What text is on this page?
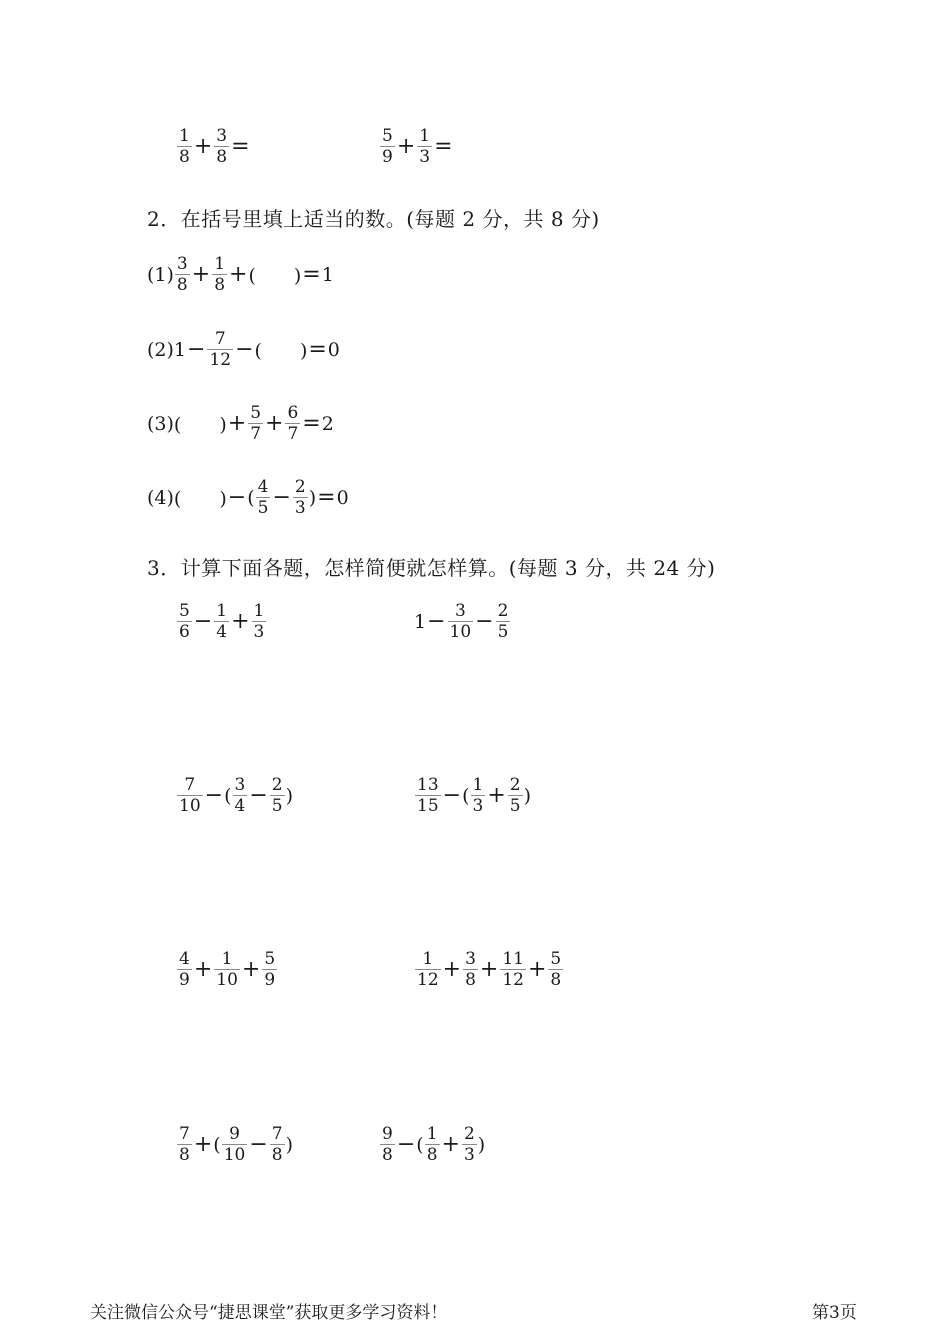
$\frac{1}{8} + \frac{3}{8}$ =	$\frac{5}{9} + \frac{1}{3}$ =
2．在括号里填上适当的数。(每题 2 分，共 8 分)
$(1) \frac{3}{8} + \frac{1}{8}$ + (　　) = 1
(2) $1 - \frac{7}{12}$ − (　　) = 0
(3) (　　) + $\frac{5}{7} + \frac{6}{7} = 2$
(4) (　　) − ( $\frac{4}{5} - \frac{2}{3}$ ) = 0
3．计算下面各题，怎样简便就怎样算。(每题 3 分，共 24 分)
$\frac{5}{6} - \frac{1}{4} + \frac{1}{3}$	$1 - \frac{3}{10} - \frac{2}{5}$
$\frac{7}{10}$ − ( $\frac{3}{4} - \frac{2}{5}$ )	$\frac{13}{15}$ − ( $\frac{1}{3} + \frac{2}{5}$ )
$\frac{4}{9} + \frac{1}{10} + \frac{5}{9}$	$\frac{1}{12} + \frac{3}{8} + \frac{11}{12} + \frac{5}{8}$
$\frac{7}{8}$ + ( $\frac{9}{10} - \frac{7}{8}$ )	$\frac{9}{8}$ − ( $\frac{1}{8} + \frac{2}{3}$ )
关注微信公众号“捷思课堂”获取更多学习资料！	第3页
